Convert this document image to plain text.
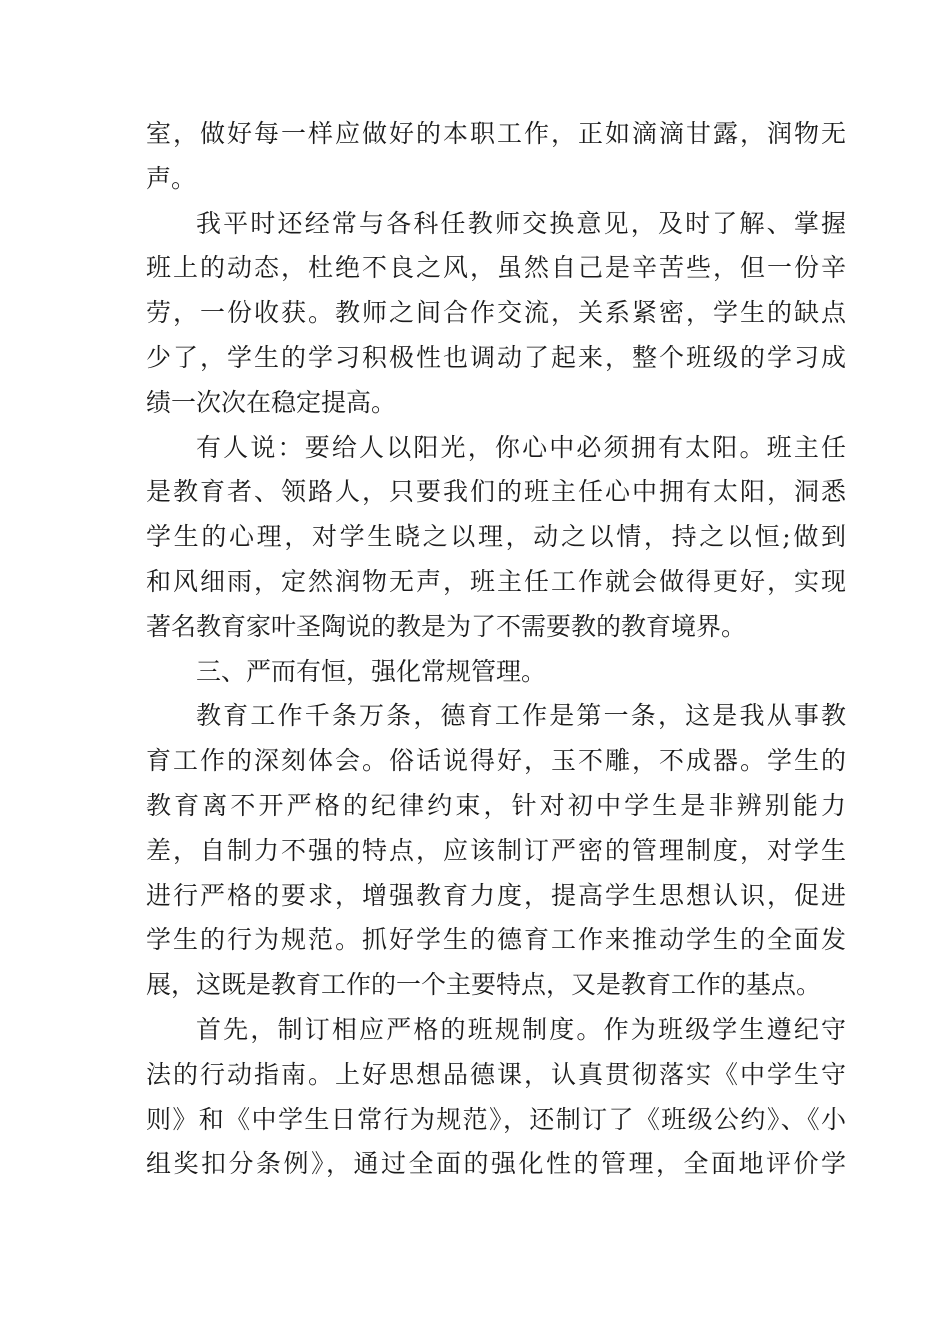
室，做好每一样应做好的本职工作，正如滴滴甘露，润物无
声。
我平时还经常与各科任教师交换意见，及时了解、掌握
班上的动态，杜绝不良之风，虽然自己是辛苦些，但一份辛
劳，一份收获。教师之间合作交流，关系紧密，学生的缺点
少了，学生的学习积极性也调动了起来，整个班级的学习成
绩一次次在稳定提高。
有人说：要给人以阳光，你心中必须拥有太阳。班主任
是教育者、领路人，只要我们的班主任心中拥有太阳，洞悉
学生的心理，对学生晓之以理，动之以情，持之以恒;做到
和风细雨，定然润物无声，班主任工作就会做得更好，实现
著名教育家叶圣陶说的教是为了不需要教的教育境界。
三、严而有恒，强化常规管理。
教育工作千条万条，德育工作是第一条，这是我从事教
育工作的深刻体会。俗话说得好，玉不雕，不成器。学生的
教育离不开严格的纪律约束，针对初中学生是非辨别能力
差，自制力不强的特点，应该制订严密的管理制度，对学生
进行严格的要求，增强教育力度，提高学生思想认识，促进
学生的行为规范。抓好学生的德育工作来推动学生的全面发
展，这既是教育工作的一个主要特点，又是教育工作的基点。
首先，制订相应严格的班规制度。作为班级学生遵纪守
法的行动指南。上好思想品德课，认真贯彻落实《中学生守
则》和《中学生日常行为规范》，还制订了《班级公约》、《小
组奖扣分条例》，通过全面的强化性的管理，全面地评价学
